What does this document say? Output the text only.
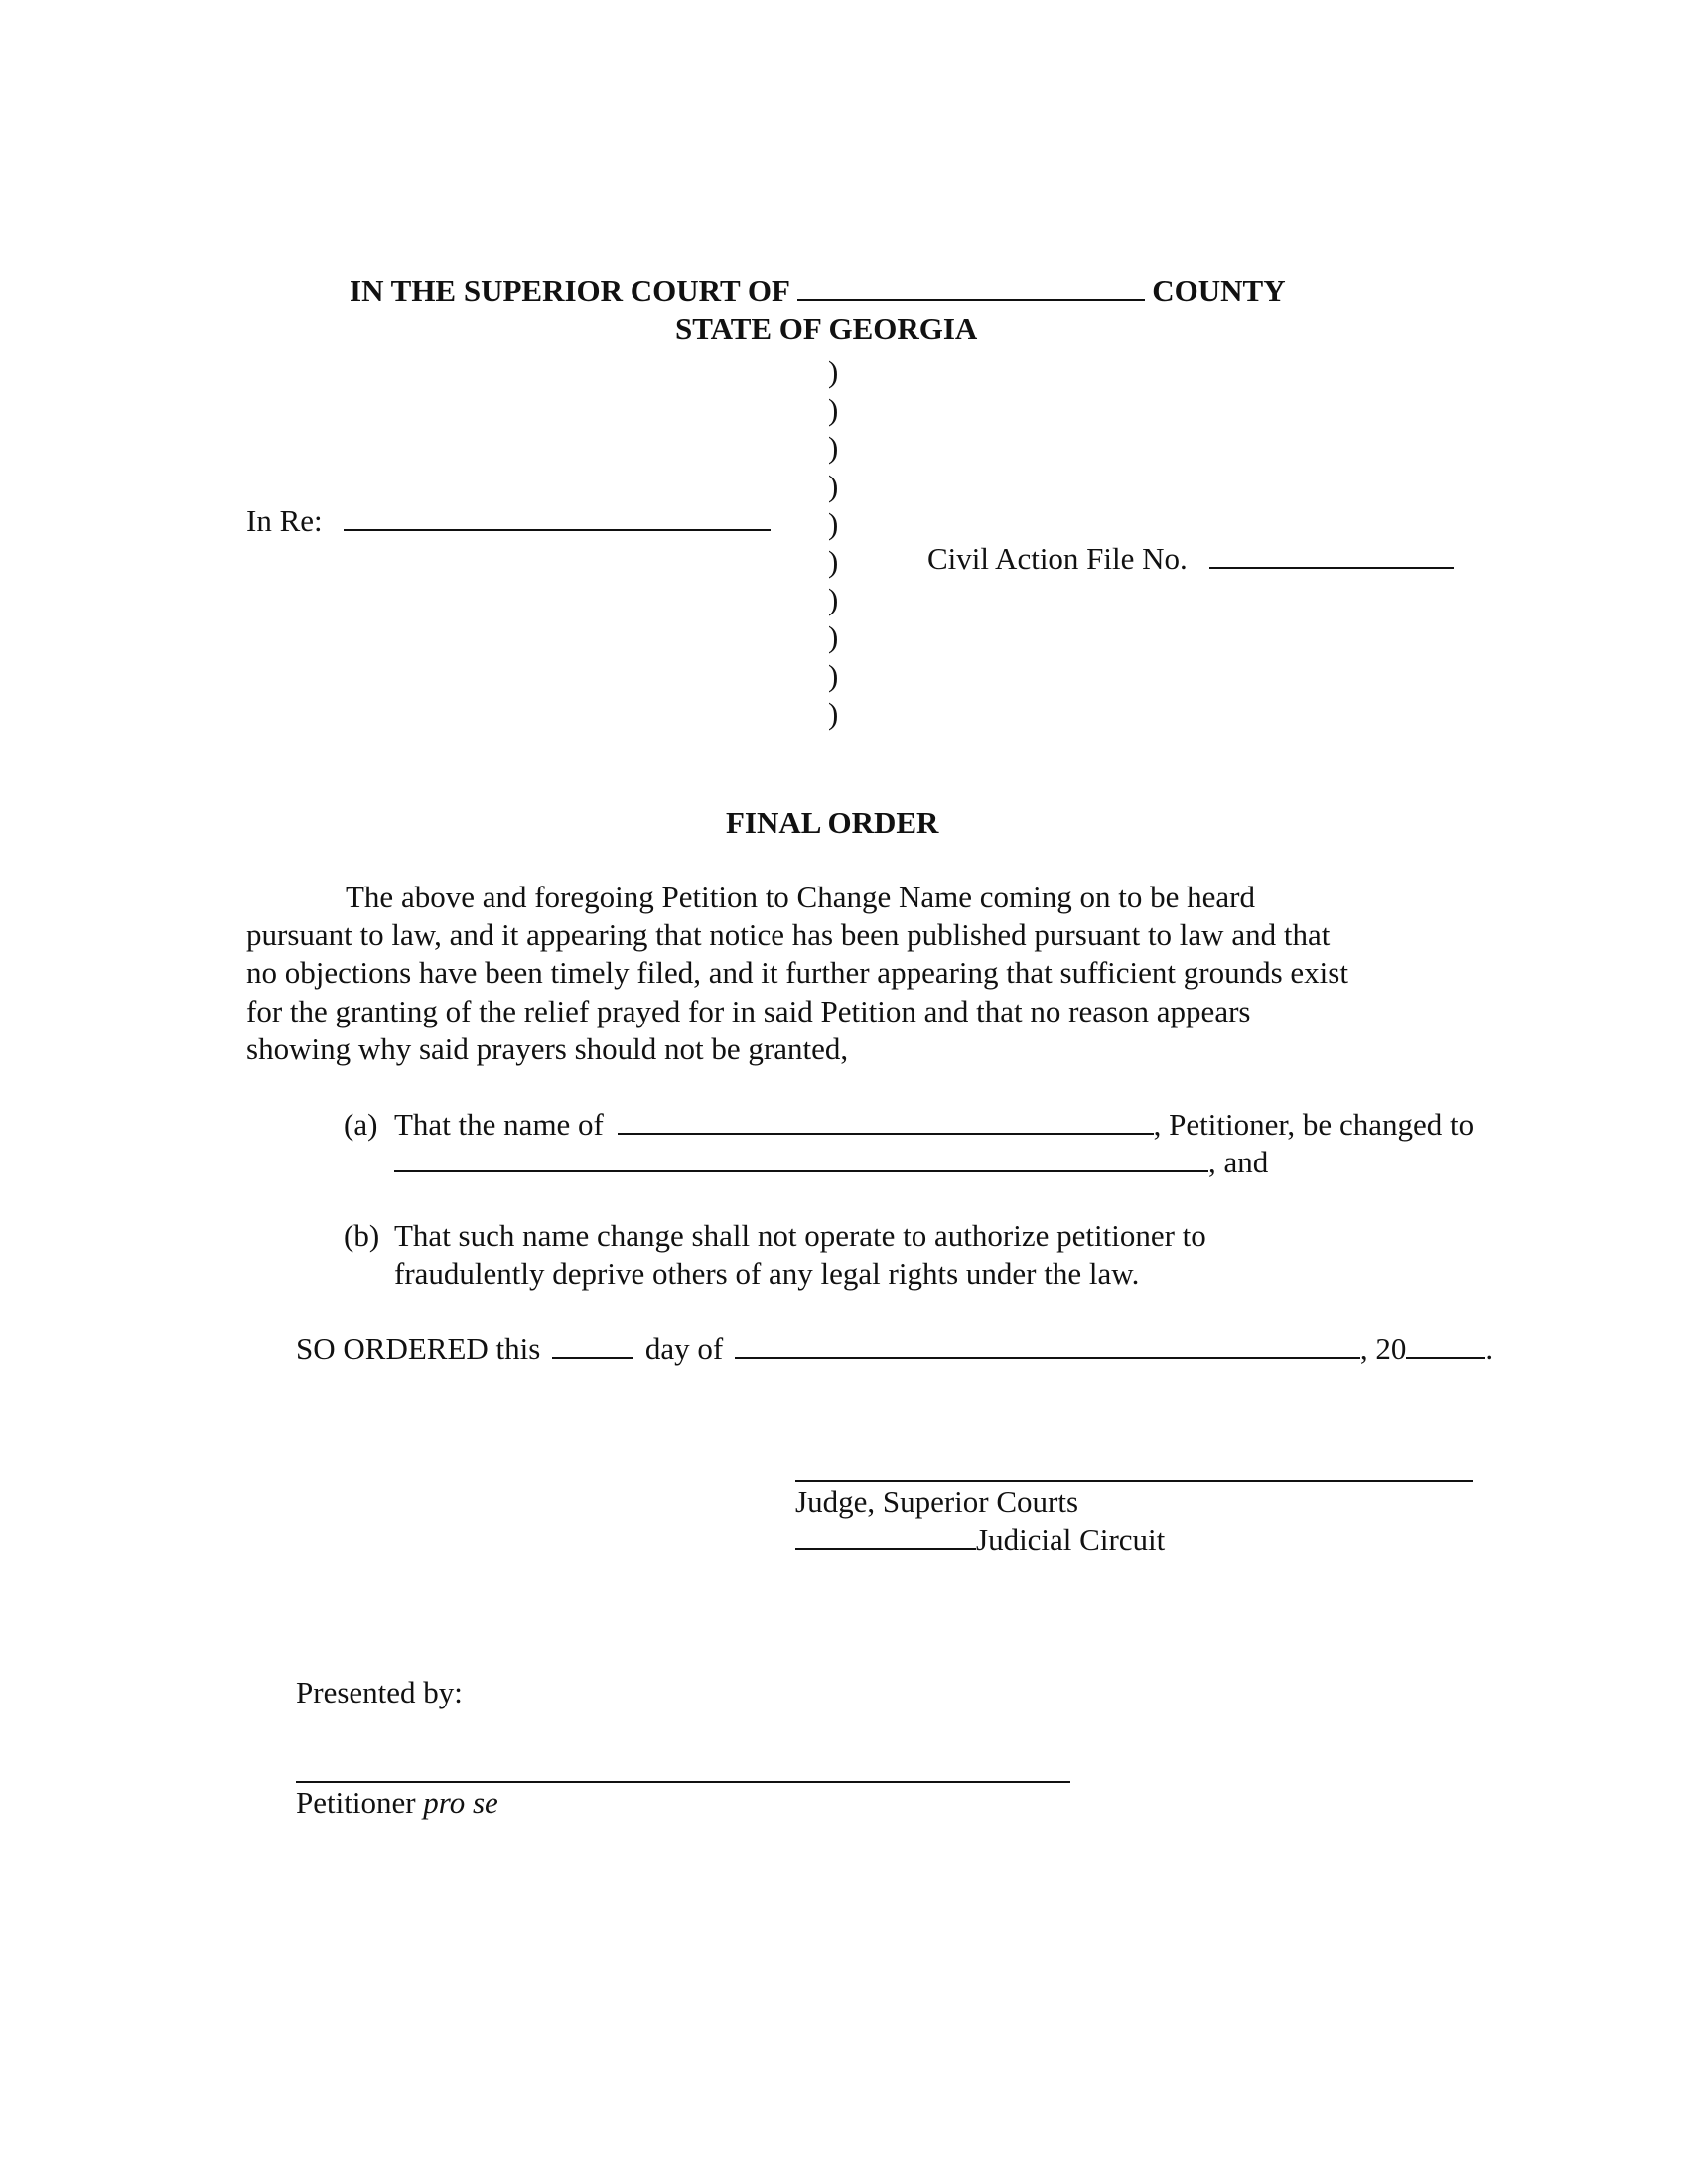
IN THE SUPERIOR COURT OF	COUNTY
STATE OF GEORGIA
)
)
)
)
)
)
)
)
)
)
In Re:
Civil Action File No.
FINAL ORDER
The above and foregoing Petition to Change Name coming on to be heard
pursuant to law, and it appearing that notice has been published pursuant to law and that
no objections have been timely filed, and it further appearing that sufficient grounds exist
for the granting of the relief prayed for in said Petition and that no reason appears
showing why said prayers should not be granted,
(a) That the name of	, Petitioner, be changed to
, and
(b) That such name change shall not operate to authorize petitioner to
fraudulently deprive others of any legal rights under the law.
SO ORDERED this	day of	, 20	.
Judge, Superior Courts
Judicial Circuit
Presented by:
Petitioner pro se
